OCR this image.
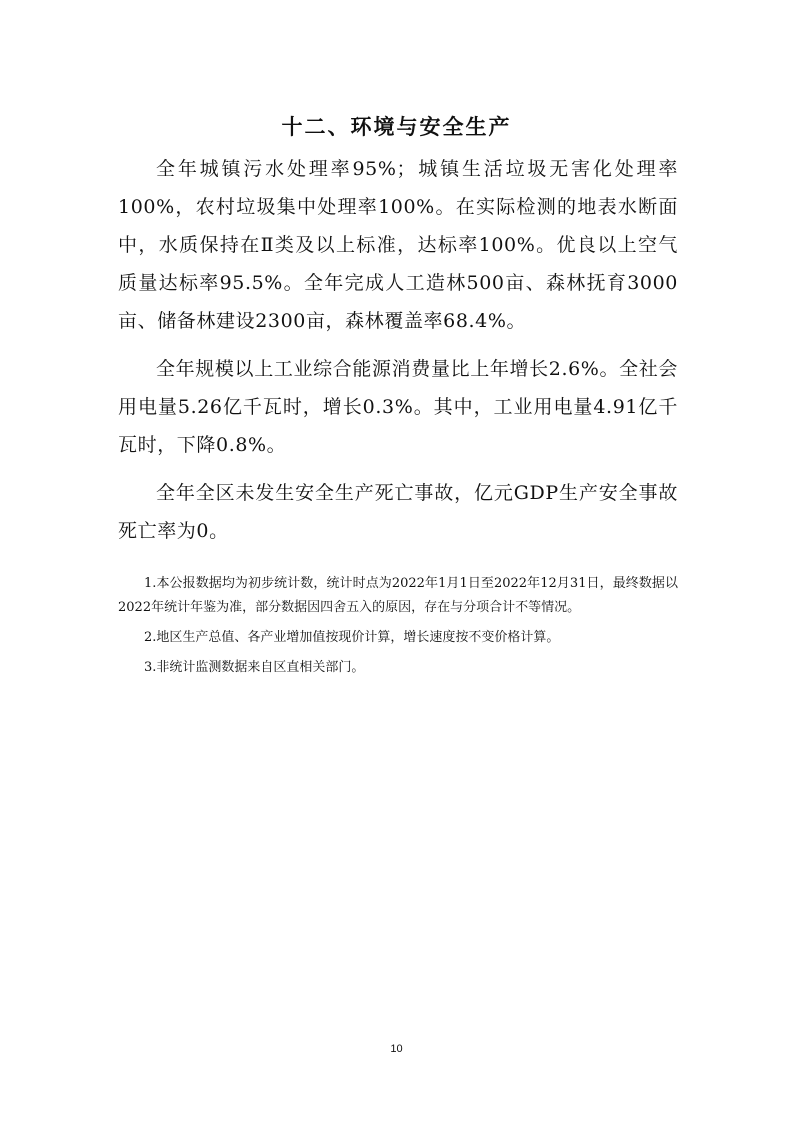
十二、环境与安全生产

全年城镇污水处理率95%；城镇生活垃圾无害化处理率100%，农村垃圾集中处理率100%。在实际检测的地表水断面中，水质保持在Ⅱ类及以上标准，达标率100%。优良以上空气质量达标率95.5%。全年完成人工造林500亩、森林抚育3000亩、储备林建设2300亩，森林覆盖率68.4%。

全年规模以上工业综合能源消费量比上年增长2.6%。全社会用电量5.26亿千瓦时，增长0.3%。其中，工业用电量4.91亿千瓦时，下降0.8%。

全年全区未发生安全生产死亡事故，亿元GDP生产安全事故死亡率为0。

1.本公报数据均为初步统计数，统计时点为2022年1月1日至2022年12月31日，最终数据以2022年统计年鉴为准，部分数据因四舍五入的原因，存在与分项合计不等情况。

2.地区生产总值、各产业增加值按现价计算，增长速度按不变价格计算。

3.非统计监测数据来自区直相关部门。

10
